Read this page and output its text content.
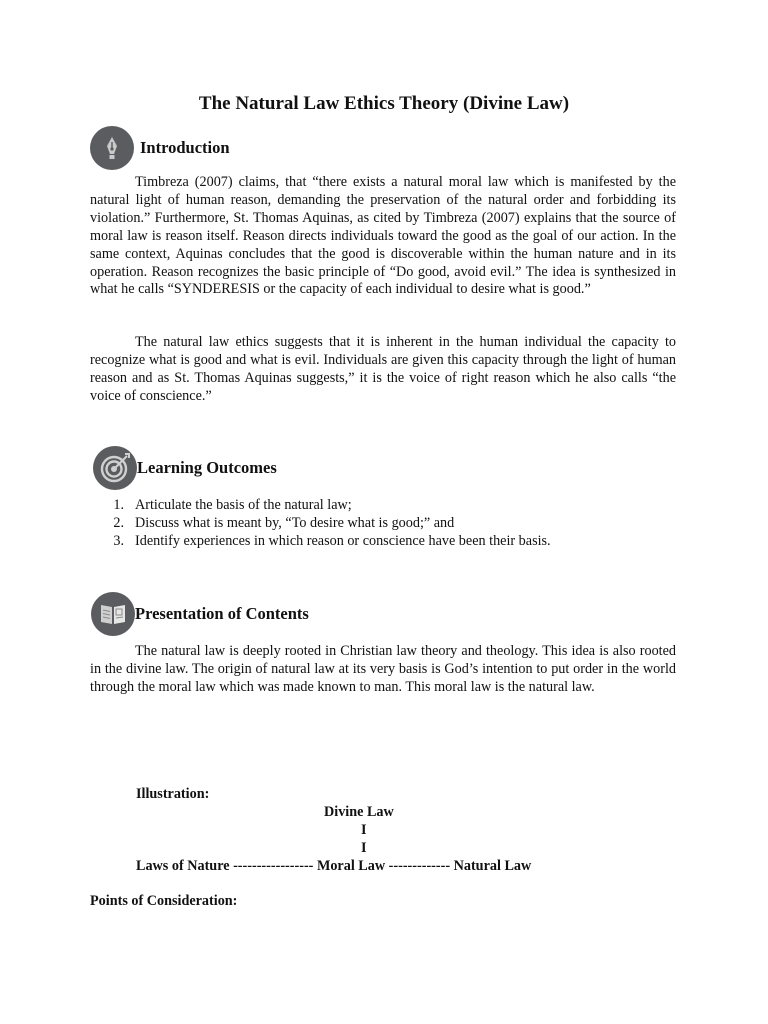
The Natural Law Ethics Theory (Divine Law)
Introduction

Timbreza (2007) claims, that “there exists a natural moral law which is manifested by the natural light of human reason, demanding the preservation of the natural order and forbidding its violation.” Furthermore, St. Thomas Aquinas, as cited by Timbreza (2007) explains that the source of moral law is reason itself. Reason directs individuals toward the good as the goal of our action. In the same context, Aquinas concludes that the good is discoverable within the human nature and in its operation. Reason recognizes the basic principle of “Do good, avoid evil.” The idea is synthesized in what he calls “SYNDERESIS or the capacity of each individual to desire what is good.”

The natural law ethics suggests that it is inherent in the human individual the capacity to recognize what is good and what is evil. Individuals are given this capacity through the light of human reason and as St. Thomas Aquinas suggests,” it is the voice of right reason which he also calls “the voice of conscience.”

Learning Outcomes
1. Articulate the basis of the natural law;
2. Discuss what is meant by, “To desire what is good;” and
3. Identify experiences in which reason or conscience have been their basis.
Presentation of Contents

The natural law is deeply rooted in Christian law theory and theology. This idea is also rooted in the divine law. The origin of natural law at its very basis is God’s intention to put order in the world through the moral law which was made known to man. This moral law is the natural law.

Illustration:

Divine Law

I

I

Laws of Nature ----------------- Moral Law ------------- Natural Law

Points of Consideration:
